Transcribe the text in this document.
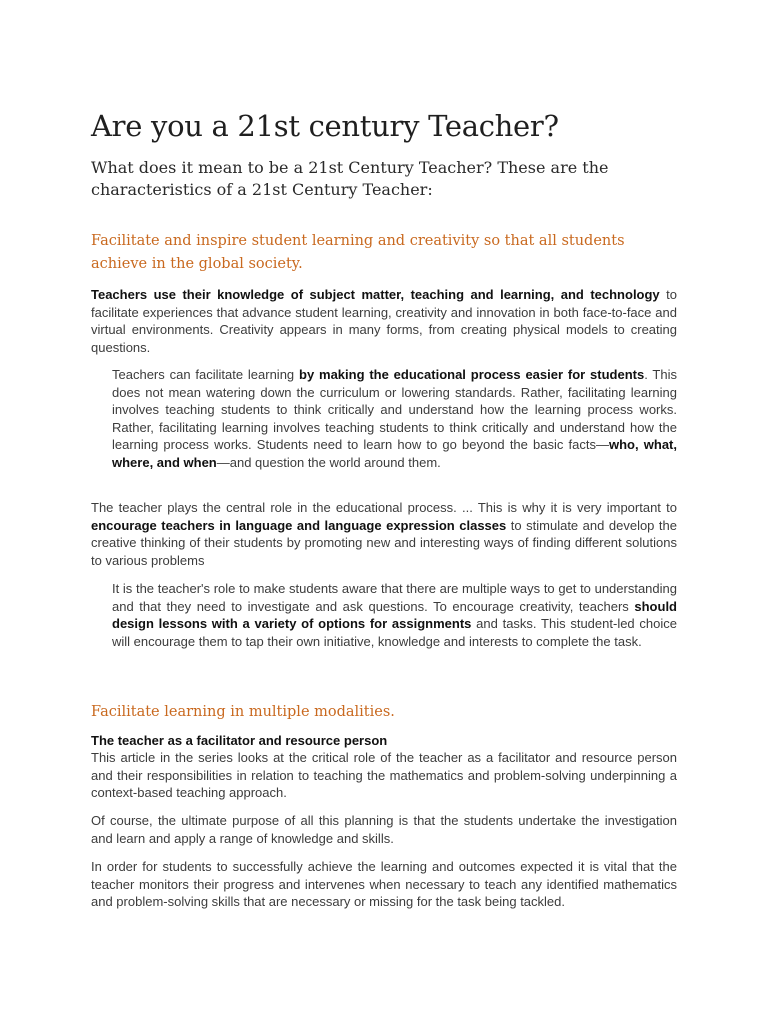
Are you a 21st century Teacher?

What does it mean to be a 21st Century Teacher? These are the characteristics of a 21st Century Teacher:

Facilitate and inspire student learning and creativity so that all students achieve in the global society.

Teachers use their knowledge of subject matter, teaching and learning, and technology to facilitate experiences that advance student learning, creativity and innovation in both face-to-face and virtual environments. Creativity appears in many forms, from creating physical models to creating questions.

Teachers can facilitate learning by making the educational process easier for students. This does not mean watering down the curriculum or lowering standards. Rather, facilitating learning involves teaching students to think critically and understand how the learning process works. Rather, facilitating learning involves teaching students to think critically and understand how the learning process works. Students need to learn how to go beyond the basic facts—who, what, where, and when—and question the world around them.

The teacher plays the central role in the educational process. ... This is why it is very important to encourage teachers in language and language expression classes to stimulate and develop the creative thinking of their students by promoting new and interesting ways of finding different solutions to various problems

It is the teacher's role to make students aware that there are multiple ways to get to understanding and that they need to investigate and ask questions. To encourage creativity, teachers should design lessons with a variety of options for assignments and tasks. This student-led choice will encourage them to tap their own initiative, knowledge and interests to complete the task.

Facilitate learning in multiple modalities.

The teacher as a facilitator and resource person

This article in the series looks at the critical role of the teacher as a facilitator and resource person and their responsibilities in relation to teaching the mathematics and problem-solving underpinning a context-based teaching approach.

Of course, the ultimate purpose of all this planning is that the students undertake the investigation and learn and apply a range of knowledge and skills.

In order for students to successfully achieve the learning and outcomes expected it is vital that the teacher monitors their progress and intervenes when necessary to teach any identified mathematics and problem-solving skills that are necessary or missing for the task being tackled.
